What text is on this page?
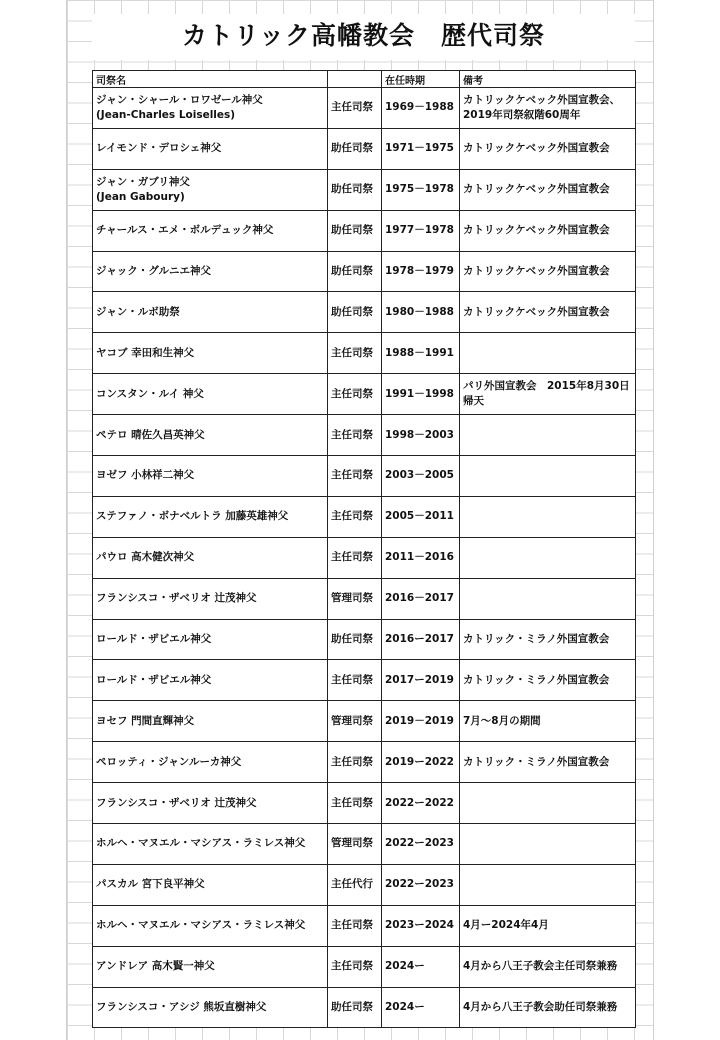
カトリック高幡教会　歴代司祭
司祭名		在任時期	備考
ジャン・シャール・ロワゼール神父
(Jean-Charles Loiselles)	主任司祭	1969－1988	カトリックケベック外国宣教会、
2019年司祭叙階60周年
レイモンド・デロシェ神父	助任司祭	1971－1975	カトリックケベック外国宣教会
ジャン・ガブリ神父
(Jean Gaboury)	助任司祭	1975－1978	カトリックケベック外国宣教会
チャールス・エメ・ボルデュック神父	助任司祭	1977－1978	カトリックケベック外国宣教会
ジャック・グルニエ神父	助任司祭	1978－1979	カトリックケベック外国宣教会
ジャン・ルボ助祭	助任司祭	1980－1988	カトリックケベック外国宣教会
ヤコブ 幸田和生神父	主任司祭	1988－1991	
コンスタン・ルイ 神父	主任司祭	1991－1998	パリ外国宣教会　2015年8月30日
帰天
ペテロ 晴佐久昌英神父	主任司祭	1998－2003	
ヨゼフ 小林祥二神父	主任司祭	2003－2005	
ステファノ・ボナベルトラ 加藤英雄神父	主任司祭	2005－2011	
パウロ 高木健次神父	主任司祭	2011－2016	
フランシスコ・ザベリオ 辻茂神父	管理司祭	2016－2017	
ロールド・ザビエル神父	助任司祭	2016ー2017	カトリック・ミラノ外国宣教会
ロールド・ザビエル神父	主任司祭	2017ー2019	カトリック・ミラノ外国宣教会
ヨセフ 門間直輝神父	管理司祭	2019－2019	7月～8月の期間
ペロッティ・ジャンルーカ神父	主任司祭	2019ー2022	カトリック・ミラノ外国宣教会
フランシスコ・ザベリオ 辻茂神父	主任司祭	2022ー2022	
ホルヘ・マヌエル・マシアス・ラミレス神父	管理司祭	2022ー2023	
パスカル 宮下良平神父	主任代行	2022ー2023	
ホルヘ・マヌエル・マシアス・ラミレス神父	主任司祭	2023ー2024	4月ー2024年4月
アンドレア 高木賢一神父	主任司祭	2024ー	4月から八王子教会主任司祭兼務
フランシスコ・アシジ 熊坂直樹神父	助任司祭	2024ー	4月から八王子教会助任司祭兼務
